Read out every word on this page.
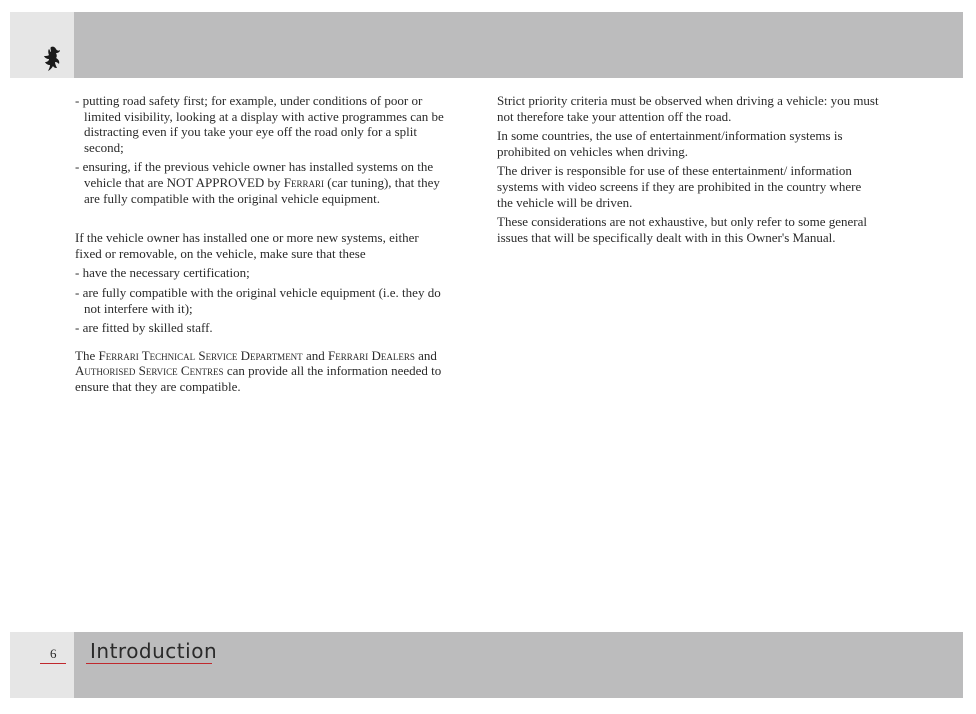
- putting road safety first; for example, under conditions of poor or limited visibility, looking at a display with active programmes can be distracting even if you take your eye off the road only for a split second;

- ensuring, if the previous vehicle owner has installed systems on the vehicle that are NOT APPROVED by Ferrari (car tuning), that they are fully compatible with the original vehicle equipment.

If the vehicle owner has installed one or more new systems, either fixed or removable, on the vehicle, make sure that these

- have the necessary certification;

- are fully compatible with the original vehicle equipment (i.e. they do not interfere with it);

- are fitted by skilled staff.

The Ferrari Technical Service Department and Ferrari Dealers and Authorised Service Centres can provide all the information needed to ensure that they are compatible.

Strict priority criteria must be observed when driving a vehicle: you must not therefore take your attention off the road.

In some countries, the use of entertainment/information systems is prohibited on vehicles when driving.

The driver is responsible for use of these entertainment/ information systems with video screens if they are prohibited in the country where the vehicle will be driven.

These considerations are not exhaustive, but only refer to some general issues that will be specifically dealt with in this Owner's Manual.

6 Introduction
